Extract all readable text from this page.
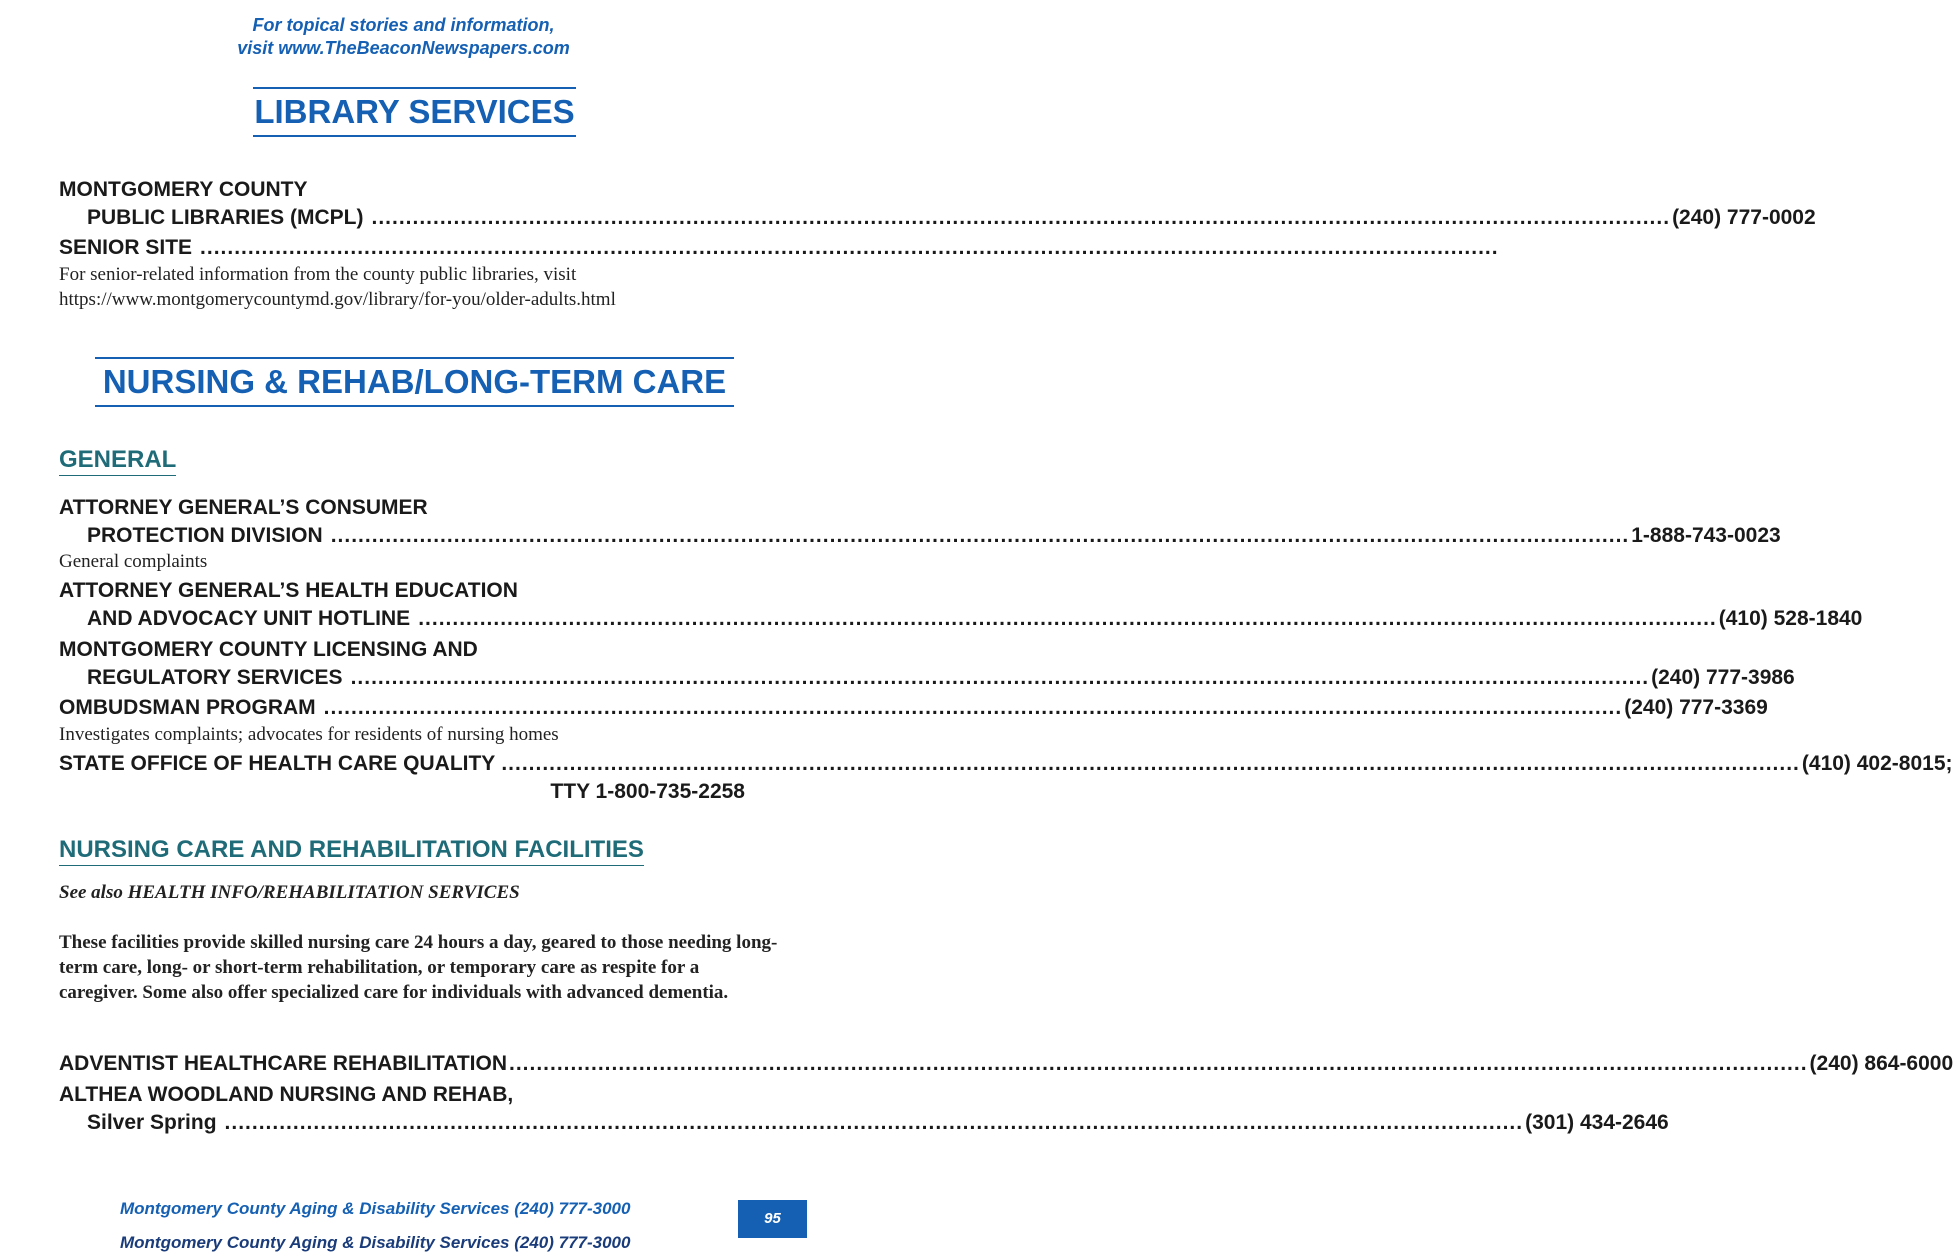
For topical stories and information,
visit www.TheBeaconNewspapers.com
LIBRARY SERVICES
MONTGOMERY COUNTY
PUBLIC LIBRARIES (MCPL) .....	(240) 777-0002
SENIOR SITE
.....
For senior-related information from the county public libraries, visit https://www.montgomerycountymd.gov/library/for-you/older-adults.html
NURSING & REHAB/LONG-TERM CARE
GENERAL
ATTORNEY GENERAL’S CONSUMER
PROTECTION DIVISION .....	1-888-743-0023
General complaints
ATTORNEY GENERAL’S HEALTH EDUCATION
AND ADVOCACY UNIT HOTLINE .....	(410) 528-1840
MONTGOMERY COUNTY LICENSING AND
REGULATORY SERVICES .....	(240) 777-3986
OMBUDSMAN PROGRAM .....	(240) 777-3369
Investigates complaints; advocates for residents of nursing homes
STATE OFFICE OF HEALTH CARE QUALITY .....	(410) 402-8015;
TTY 1-800-735-2258
NURSING CARE AND REHABILITATION FACILITIES
See also HEALTH INFO/REHABILITATION SERVICES
These facilities provide skilled nursing care 24 hours a day, geared to those needing long-term care, long- or short-term rehabilitation, or temporary care as respite for a caregiver. Some also offer specialized care for individuals with advanced dementia.
ADVENTIST HEALTHCARE REHABILITATION .....	(240) 864-6000
ALTHEA WOODLAND NURSING AND REHAB,
Silver Spring .....	(301) 434-2646
Montgomery County Aging & Disability Services (240) 777-3000
Montgomery County Aging & Disability Services (240) 777-3000
95
